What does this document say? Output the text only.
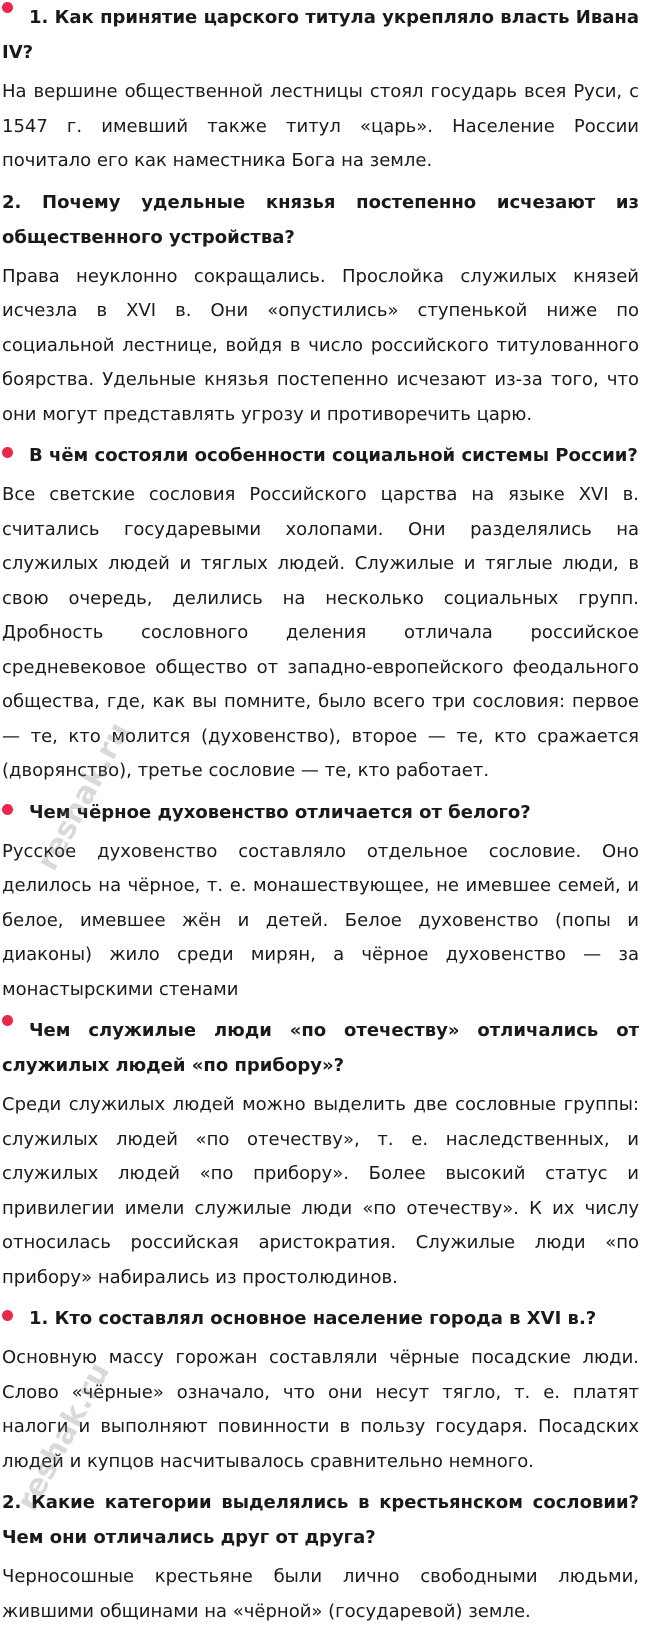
1. Как принятие царского титула укрепляло власть Ивана IV?

На вершине общественной лестницы стоял государь всея Руси, с 1547 г. имевший также титул «царь». Население России почитало его как наместника Бога на земле.

2. Почему удельные князья постепенно исчезают из общественного устройства?

Права неуклонно сокращались. Прослойка служилых князей исчезла в XVI в. Они «опустились» ступенькой ниже по социальной лестнице, войдя в число российского титулованного боярства. Удельные князья постепенно исчезают из-за того, что они могут представлять угрозу и противоречить царю.

В чём состояли особенности социальной системы России?

Все светские сословия Российского царства на языке XVI в. считались государевыми холопами. Они разделялись на служилых людей и тяглых людей. Служилые и тяглые люди, в свою очередь, делились на несколько социальных групп. Дробность сословного деления отличала российское средневековое общество от западно-европейского феодального общества, где, как вы помните, было всего три сословия: первое — те, кто молится (духовенство), второе — те, кто сражается (дворянство), третье сословие — те, кто работает.

Чем чёрное духовенство отличается от белого?

Русское духовенство составляло отдельное сословие. Оно делилось на чёрное, т. е. монашествующее, не имевшее семей, и белое, имевшее жён и детей. Белое духовенство (попы и диаконы) жило среди мирян, а чёрное духовенство — за монастырскими стенами

Чем служилые люди «по отечеству» отличались от служилых людей «по прибору»?

Среди служилых людей можно выделить две сословные группы: служилых людей «по отечеству», т. е. наследственных, и служилых людей «по прибору». Более высокий статус и привилегии имели служилые люди «по отечеству». К их числу относилась российская аристократия. Служилые люди «по прибору» набирались из простолюдинов.

1. Кто составлял основное население города в XVI в.?

Основную массу горожан составляли чёрные посадские люди. Слово «чёрные» означало, что они несут тягло, т. е. платят налоги и выполняют повинности в пользу государя. Посадских людей и купцов насчитывалось сравнительно немного.

2. Какие категории выделялись в крестьянском сословии? Чем они отличались друг от друга?

Черносошные крестьяне были лично свободными людьми, жившими общинами на «чёрной» (государевой) земле.

reshak.ru
reshak.ru
